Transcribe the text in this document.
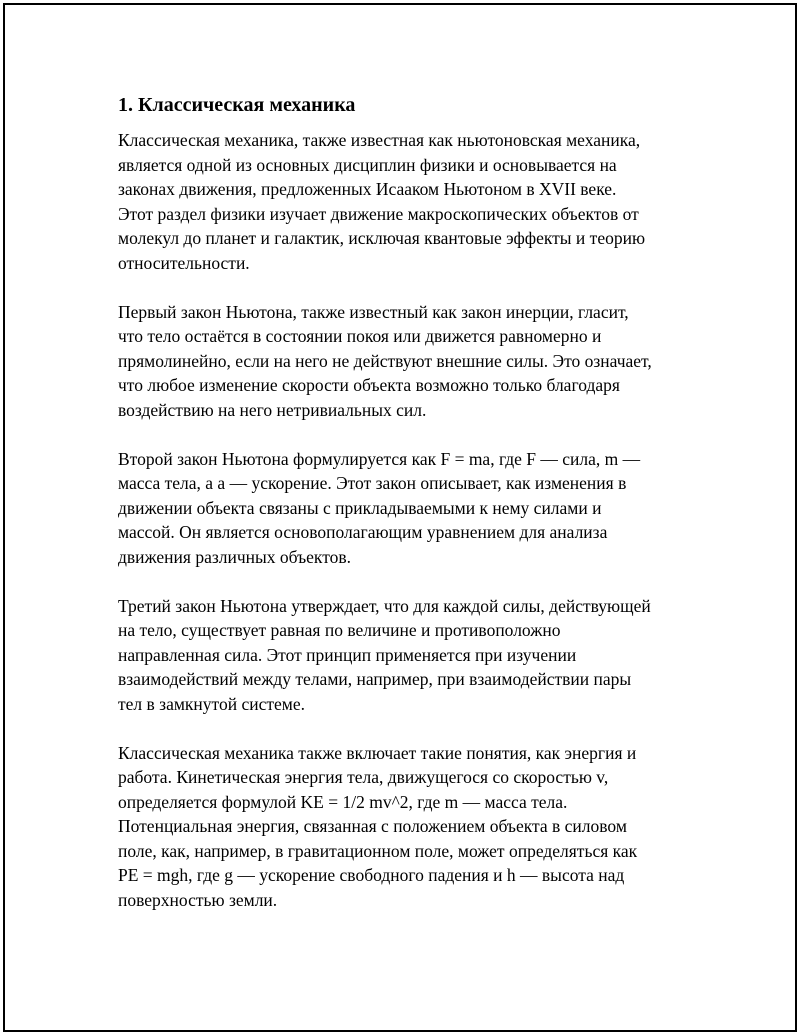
1. Классическая механика

Классическая механика, также известная как ньютоновская механика,
является одной из основных дисциплин физики и основывается на
законах движения, предложенных Исааком Ньютоном в XVII веке.
Этот раздел физики изучает движение макроскопических объектов от
молекул до планет и галактик, исключая квантовые эффекты и теорию
относительности.

Первый закон Ньютона, также известный как закон инерции, гласит,
что тело остаётся в состоянии покоя или движется равномерно и
прямолинейно, если на него не действуют внешние силы. Это означает,
что любое изменение скорости объекта возможно только благодаря
воздействию на него нетривиальных сил.

Второй закон Ньютона формулируется как F = ma, где F — сила, m —
масса тела, а a — ускорение. Этот закон описывает, как изменения в
движении объекта связаны с прикладываемыми к нему силами и
массой. Он является основополагающим уравнением для анализа
движения различных объектов.

Третий закон Ньютона утверждает, что для каждой силы, действующей
на тело, существует равная по величине и противоположно
направленная сила. Этот принцип применяется при изучении
взаимодействий между телами, например, при взаимодействии пары
тел в замкнутой системе.

Классическая механика также включает такие понятия, как энергия и
работа. Кинетическая энергия тела, движущегося со скоростью v,
определяется формулой KE = 1/2 mv^2, где m — масса тела.
Потенциальная энергия, связанная с положением объекта в силовом
поле, как, например, в гравитационном поле, может определяться как
PE = mgh, где g — ускорение свободного падения и h — высота над
поверхностью земли.
